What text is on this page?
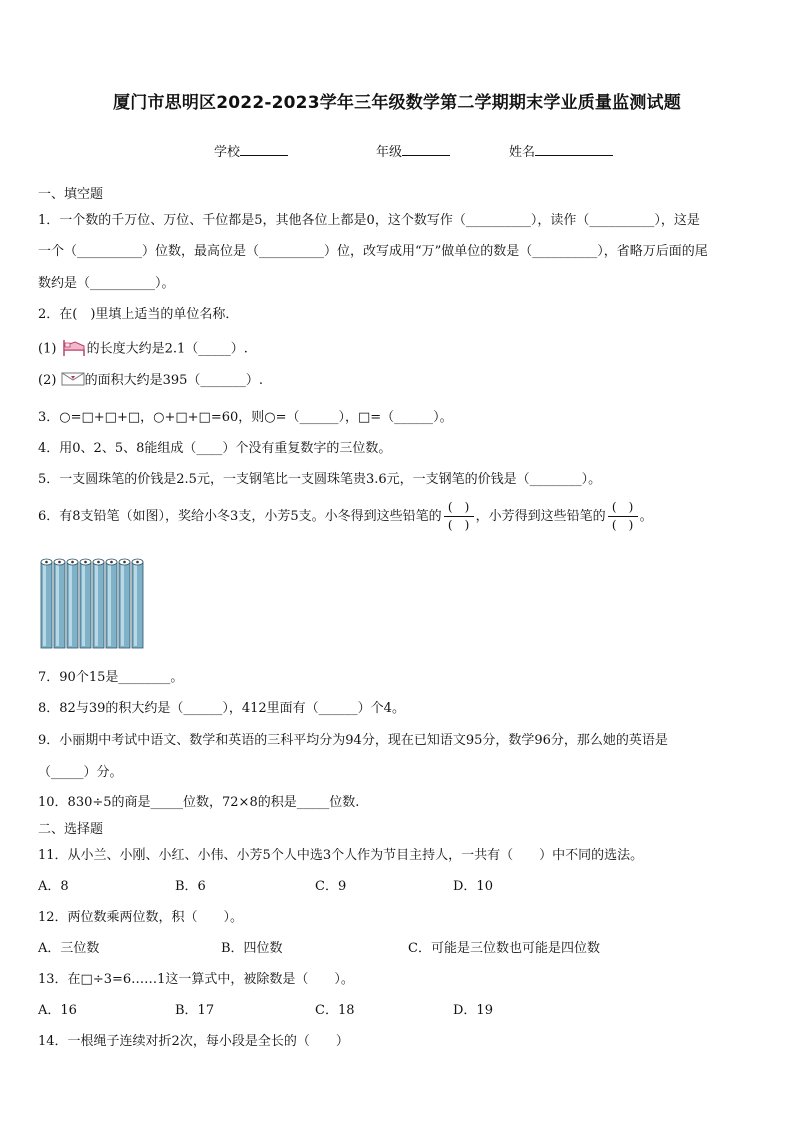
厦门市思明区2022-2023学年三年级数学第二学期期末学业质量监测试题
学校	年级	姓名
一、填空题
1．一个数的千万位、万位、千位都是5，其他各位上都是0，这个数写作（__________），读作（__________），这是
一个（__________）位数，最高位是（__________）位，改写成用“万”做单位的数是（__________），省略万后面的尾
数约是（__________）。
2．在(　)里填上适当的单位名称．
(1) 的长度大约是2.1（_____）.
(2) 的面积大约是395（_______）.
3．○=□+□+□，○+□+□=60，则○=（______），□=（______）。
4．用0、2、5、8能组成（____）个没有重复数字的三位数。
5．一支圆珠笔的价钱是2.5元，一支钢笔比一支圆珠笔贵3.6元，一支钢笔的价钱是（________）。
6．有8支铅笔（如图），奖给小冬3支，小芳5支。小冬得到这些铅笔的 $\frac{( )}{( )}$ ，小芳得到这些铅笔的 $\frac{( )}{( )}$ 。
7．90个15是________。
8．82与39的积大约是（______），412里面有（______）个4。
9．小丽期中考试中语文、数学和英语的三科平均分为94分，现在已知语文95分，数学96分，那么她的英语是
（_____）分。
10．830÷5的商是_____位数，72×8的积是_____位数.
二、选择题
11．从小兰、小刚、小红、小伟、小芳5个人中选3个人作为节目主持人，一共有（　　）中不同的选法。
A．8	B．6	C．9	D．10
12．两位数乘两位数，积（　　）。
A．三位数	B．四位数	C．可能是三位数也可能是四位数
13．在□÷3=6……1这一算式中，被除数是（　　）。
A．16	B．17	C．18	D．19
14．一根绳子连续对折2次，每小段是全长的（　　）
